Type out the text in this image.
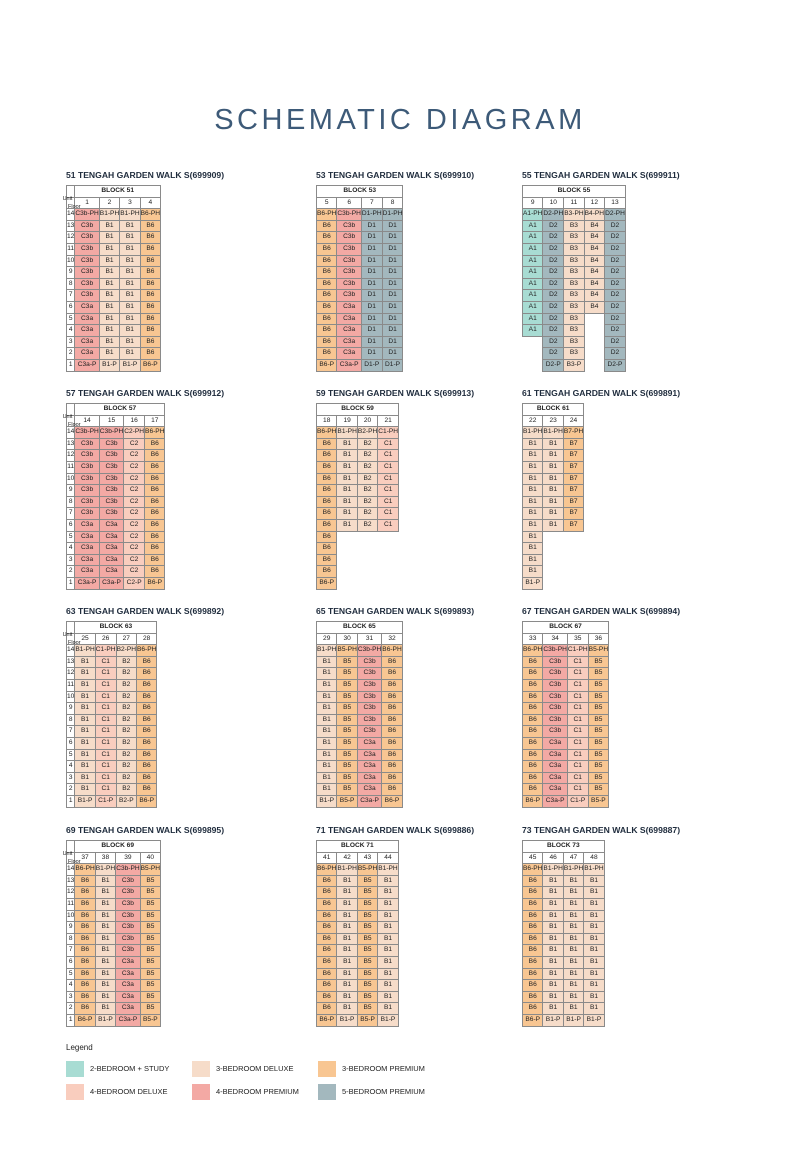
SCHEMATIC DIAGRAM
51 TENGAH GARDEN WALK S(699909)
	BLOCK 51			

Unit
Floor	1	2	3	4
14	C3b-PH	B1-PH	B1-PH	B6-PH
13	C3b	B1	B1	B6
12	C3b	B1	B1	B6
11	C3b	B1	B1	B6
10	C3b	B1	B1	B6
9	C3b	B1	B1	B6
8	C3b	B1	B1	B6
7	C3b	B1	B1	B6
6	C3a	B1	B1	B6
5	C3a	B1	B1	B6
4	C3a	B1	B1	B6
3	C3a	B1	B1	B6
2	C3a	B1	B1	B6
1	C3a-P	B1-P	B1-P	B6-P
53 TENGAH GARDEN WALK S(699910)
	BLOCK 53			
	5	6	7	8
	B6-PH	C3b-PH	D1-PH	D1-PH
	B6	C3b	D1	D1
	B6	C3b	D1	D1
	B6	C3b	D1	D1
	B6	C3b	D1	D1
	B6	C3b	D1	D1
	B6	C3b	D1	D1
	B6	C3b	D1	D1
	B6	C3a	D1	D1
	B6	C3a	D1	D1
	B6	C3a	D1	D1
	B6	C3a	D1	D1
	B6	C3a	D1	D1
	B6-P	C3a-P	D1-P	D1-P
55 TENGAH GARDEN WALK S(699911)
	BLOCK 55				
	9	10	11	12	13
	A1-PH	D2-PH	B3-PH	B4-PH	D2-PH
	A1	D2	B3	B4	D2
	A1	D2	B3	B4	D2
	A1	D2	B3	B4	D2
	A1	D2	B3	B4	D2
	A1	D2	B3	B4	D2
	A1	D2	B3	B4	D2
	A1	D2	B3	B4	D2
	A1	D2	B3	B4	D2
	A1	D2	B3		D2
	A1	D2	B3		D2
		D2	B3		D2
		D2	B3		D2
		D2-P	B3-P		D2-P
57 TENGAH GARDEN WALK S(699912)
	BLOCK 57			

Unit
Floor	14	15	16	17
14	C3b-PH	C3b-PH	C2-PH	B6-PH
13	C3b	C3b	C2	B6
12	C3b	C3b	C2	B6
11	C3b	C3b	C2	B6
10	C3b	C3b	C2	B6
9	C3b	C3b	C2	B6
8	C3b	C3b	C2	B6
7	C3b	C3b	C2	B6
6	C3a	C3a	C2	B6
5	C3a	C3a	C2	B6
4	C3a	C3a	C2	B6
3	C3a	C3a	C2	B6
2	C3a	C3a	C2	B6
1	C3a-P	C3a-P	C2-P	B6-P
59 TENGAH GARDEN WALK S(699913)
	BLOCK 59			
	18	19	20	21
	B6-PH	B1-PH	B2-PH	C1-PH
	B6	B1	B2	C1
	B6	B1	B2	C1
	B6	B1	B2	C1
	B6	B1	B2	C1
	B6	B1	B2	C1
	B6	B1	B2	C1
	B6	B1	B2	C1
	B6	B1	B2	C1
	B6			
	B6			
	B6			
	B6			
	B6-P			
61 TENGAH GARDEN WALK S(699891)
	BLOCK 61		
	22	23	24
	B1-PH	B1-PH	B7-PH
	B1	B1	B7
	B1	B1	B7
	B1	B1	B7
	B1	B1	B7
	B1	B1	B7
	B1	B1	B7
	B1	B1	B7
	B1	B1	B7
	B1		
	B1		
	B1		
	B1		
	B1-P		
63 TENGAH GARDEN WALK S(699892)
	BLOCK 63			

Unit
Floor	25	26	27	28
14	B1-PH	C1-PH	B2-PH	B6-PH
13	B1	C1	B2	B6
12	B1	C1	B2	B6
11	B1	C1	B2	B6
10	B1	C1	B2	B6
9	B1	C1	B2	B6
8	B1	C1	B2	B6
7	B1	C1	B2	B6
6	B1	C1	B2	B6
5	B1	C1	B2	B6
4	B1	C1	B2	B6
3	B1	C1	B2	B6
2	B1	C1	B2	B6
1	B1-P	C1-P	B2-P	B6-P
65 TENGAH GARDEN WALK S(699893)
	BLOCK 65			
	29	30	31	32
	B1-PH	B5-PH	C3b-PH	B6-PH
	B1	B5	C3b	B6
	B1	B5	C3b	B6
	B1	B5	C3b	B6
	B1	B5	C3b	B6
	B1	B5	C3b	B6
	B1	B5	C3b	B6
	B1	B5	C3b	B6
	B1	B5	C3a	B6
	B1	B5	C3a	B6
	B1	B5	C3a	B6
	B1	B5	C3a	B6
	B1	B5	C3a	B6
	B1-P	B5-P	C3a-P	B6-P
67 TENGAH GARDEN WALK S(699894)
	BLOCK 67			
	33	34	35	36
	B6-PH	C3b-PH	C1-PH	B5-PH
	B6	C3b	C1	B5
	B6	C3b	C1	B5
	B6	C3b	C1	B5
	B6	C3b	C1	B5
	B6	C3b	C1	B5
	B6	C3b	C1	B5
	B6	C3b	C1	B5
	B6	C3a	C1	B5
	B6	C3a	C1	B5
	B6	C3a	C1	B5
	B6	C3a	C1	B5
	B6	C3a	C1	B5
	B6-P	C3a-P	C1-P	B5-P
69 TENGAH GARDEN WALK S(699895)
	BLOCK 69			

Unit
Floor	37	38	39	40
14	B6-PH	B1-PH	C3b-PH	B5-PH
13	B6	B1	C3b	B5
12	B6	B1	C3b	B5
11	B6	B1	C3b	B5
10	B6	B1	C3b	B5
9	B6	B1	C3b	B5
8	B6	B1	C3b	B5
7	B6	B1	C3b	B5
6	B6	B1	C3a	B5
5	B6	B1	C3a	B5
4	B6	B1	C3a	B5
3	B6	B1	C3a	B5
2	B6	B1	C3a	B5
1	B6-P	B1-P	C3a-P	B5-P
71 TENGAH GARDEN WALK S(699886)
	BLOCK 71			
	41	42	43	44
	B6-PH	B1-PH	B5-PH	B1-PH
	B6	B1	B5	B1
	B6	B1	B5	B1
	B6	B1	B5	B1
	B6	B1	B5	B1
	B6	B1	B5	B1
	B6	B1	B5	B1
	B6	B1	B5	B1
	B6	B1	B5	B1
	B6	B1	B5	B1
	B6	B1	B5	B1
	B6	B1	B5	B1
	B6	B1	B5	B1
	B6-P	B1-P	B5-P	B1-P
73 TENGAH GARDEN WALK S(699887)
	BLOCK 73			
	45	46	47	48
	B6-PH	B1-PH	B1-PH	B1-PH
	B6	B1	B1	B1
	B6	B1	B1	B1
	B6	B1	B1	B1
	B6	B1	B1	B1
	B6	B1	B1	B1
	B6	B1	B1	B1
	B6	B1	B1	B1
	B6	B1	B1	B1
	B6	B1	B1	B1
	B6	B1	B1	B1
	B6	B1	B1	B1
	B6	B1	B1	B1
	B6-P	B1-P	B1-P	B1-P
Legend
2-BEDROOM + STUDY	3-BEDROOM DELUXE	3-BEDROOM PREMIUM
4-BEDROOM DELUXE	4-BEDROOM PREMIUM	5-BEDROOM PREMIUM
